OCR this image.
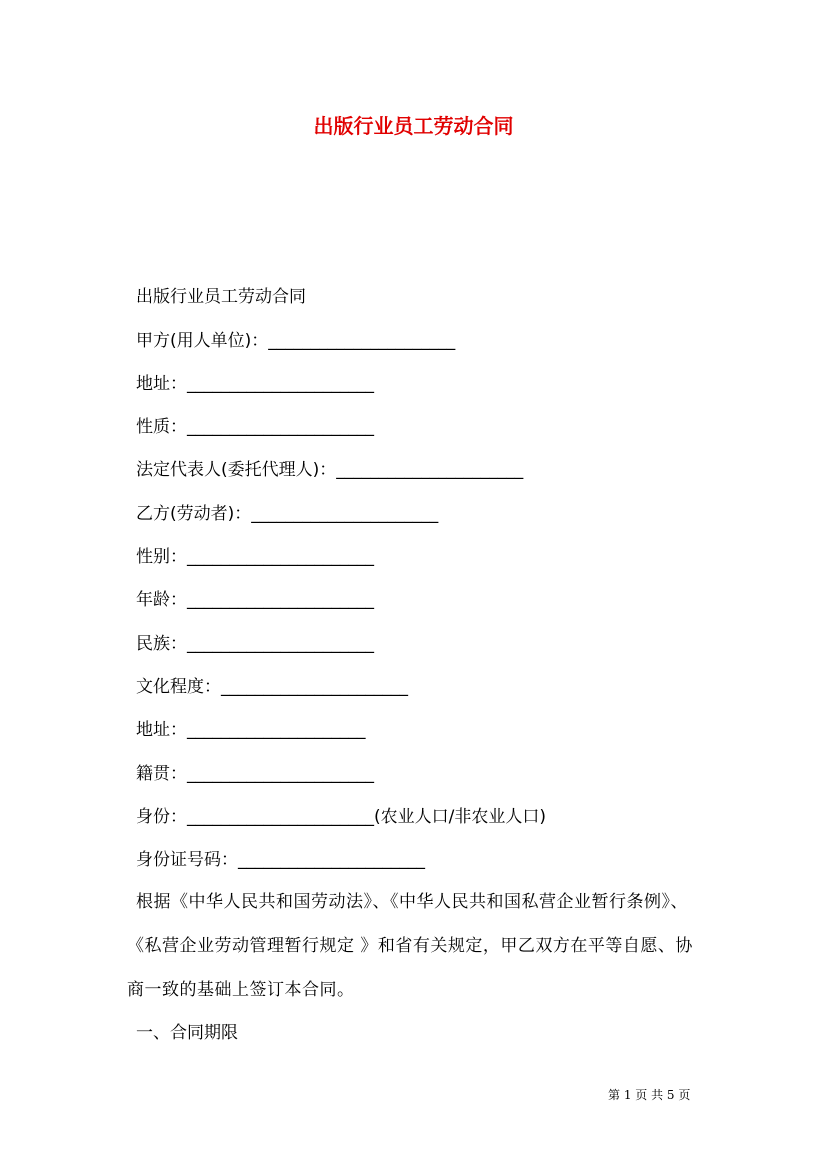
出版行业员工劳动合同
出版行业员工劳动合同
甲方(用人单位)：______________________
地址：______________________
性质：______________________
法定代表人(委托代理人)：______________________
乙方(劳动者)：______________________
性别：______________________
年龄：______________________
民族：______________________
文化程度：______________________
地址：_____________________
籍贯：______________________
身份：______________________(农业人口/非农业人口)
身份证号码：______________________
根据《中华人民共和国劳动法》、《中华人民共和国私营企业暂行条例》、《私营企业劳动管理暂行规定 》和省有关规定，甲乙双方在平等自愿、协商一致的基础上签订本合同。
一、合同期限
第 1 页 共 5 页
